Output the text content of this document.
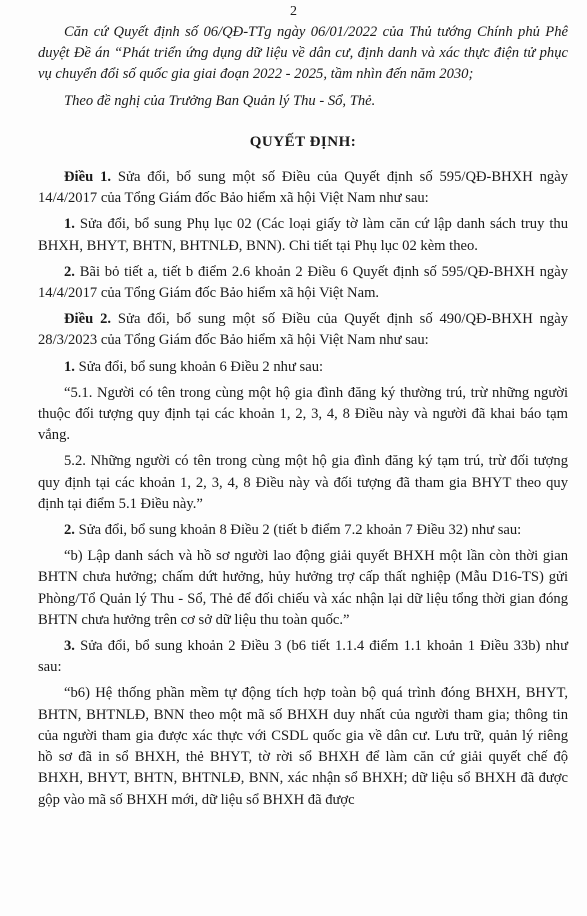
2

Căn cứ Quyết định số 06/QĐ-TTg ngày 06/01/2022 của Thủ tướng Chính phủ Phê duyệt Đề án “Phát triển ứng dụng dữ liệu về dân cư, định danh và xác thực điện tử phục vụ chuyển đổi số quốc gia giai đoạn 2022 - 2025, tầm nhìn đến năm 2030;

Theo đề nghị của Trưởng Ban Quản lý Thu - Sổ, Thẻ.

QUYẾT ĐỊNH:

Điều 1. Sửa đổi, bổ sung một số Điều của Quyết định số 595/QĐ-BHXH ngày 14/4/2017 của Tổng Giám đốc Bảo hiểm xã hội Việt Nam như sau:

1. Sửa đổi, bổ sung Phụ lục 02 (Các loại giấy tờ làm căn cứ lập danh sách truy thu BHXH, BHYT, BHTN, BHTNLĐ, BNN). Chi tiết tại Phụ lục 02 kèm theo.

2. Bãi bỏ tiết a, tiết b điểm 2.6 khoản 2 Điều 6 Quyết định số 595/QĐ-BHXH ngày 14/4/2017 của Tổng Giám đốc Bảo hiểm xã hội Việt Nam.

Điều 2. Sửa đổi, bổ sung một số Điều của Quyết định số 490/QĐ-BHXH ngày 28/3/2023 của Tổng Giám đốc Bảo hiểm xã hội Việt Nam như sau:

1. Sửa đổi, bổ sung khoản 6 Điều 2 như sau:

“5.1. Người có tên trong cùng một hộ gia đình đăng ký thường trú, trừ những người thuộc đối tượng quy định tại các khoản 1, 2, 3, 4, 8 Điều này và người đã khai báo tạm vắng.

5.2. Những người có tên trong cùng một hộ gia đình đăng ký tạm trú, trừ đối tượng quy định tại các khoản 1, 2, 3, 4, 8 Điều này và đối tượng đã tham gia BHYT theo quy định tại điểm 5.1 Điều này.”

2. Sửa đổi, bổ sung khoản 8 Điều 2 (tiết b điểm 7.2 khoản 7 Điều 32) như sau:

“b) Lập danh sách và hồ sơ người lao động giải quyết BHXH một lần còn thời gian BHTN chưa hưởng; chấm dứt hưởng, hủy hưởng trợ cấp thất nghiệp (Mẫu D16-TS) gửi Phòng/Tổ Quản lý Thu - Sổ, Thẻ để đối chiếu và xác nhận lại dữ liệu tổng thời gian đóng BHTN chưa hưởng trên cơ sở dữ liệu thu toàn quốc.”

3. Sửa đổi, bổ sung khoản 2 Điều 3 (b6 tiết 1.1.4 điểm 1.1 khoản 1 Điều 33b) như sau:

“b6) Hệ thống phần mềm tự động tích hợp toàn bộ quá trình đóng BHXH, BHYT, BHTN, BHTNLĐ, BNN theo một mã số BHXH duy nhất của người tham gia; thông tin của người tham gia được xác thực với CSDL quốc gia về dân cư. Lưu trữ, quản lý riêng hồ sơ đã in sổ BHXH, thẻ BHYT, tờ rời sổ BHXH để làm căn cứ giải quyết chế độ BHXH, BHYT, BHTN, BHTNLĐ, BNN, xác nhận sổ BHXH; dữ liệu sổ BHXH đã được gộp vào mã số BHXH mới, dữ liệu sổ BHXH đã được
